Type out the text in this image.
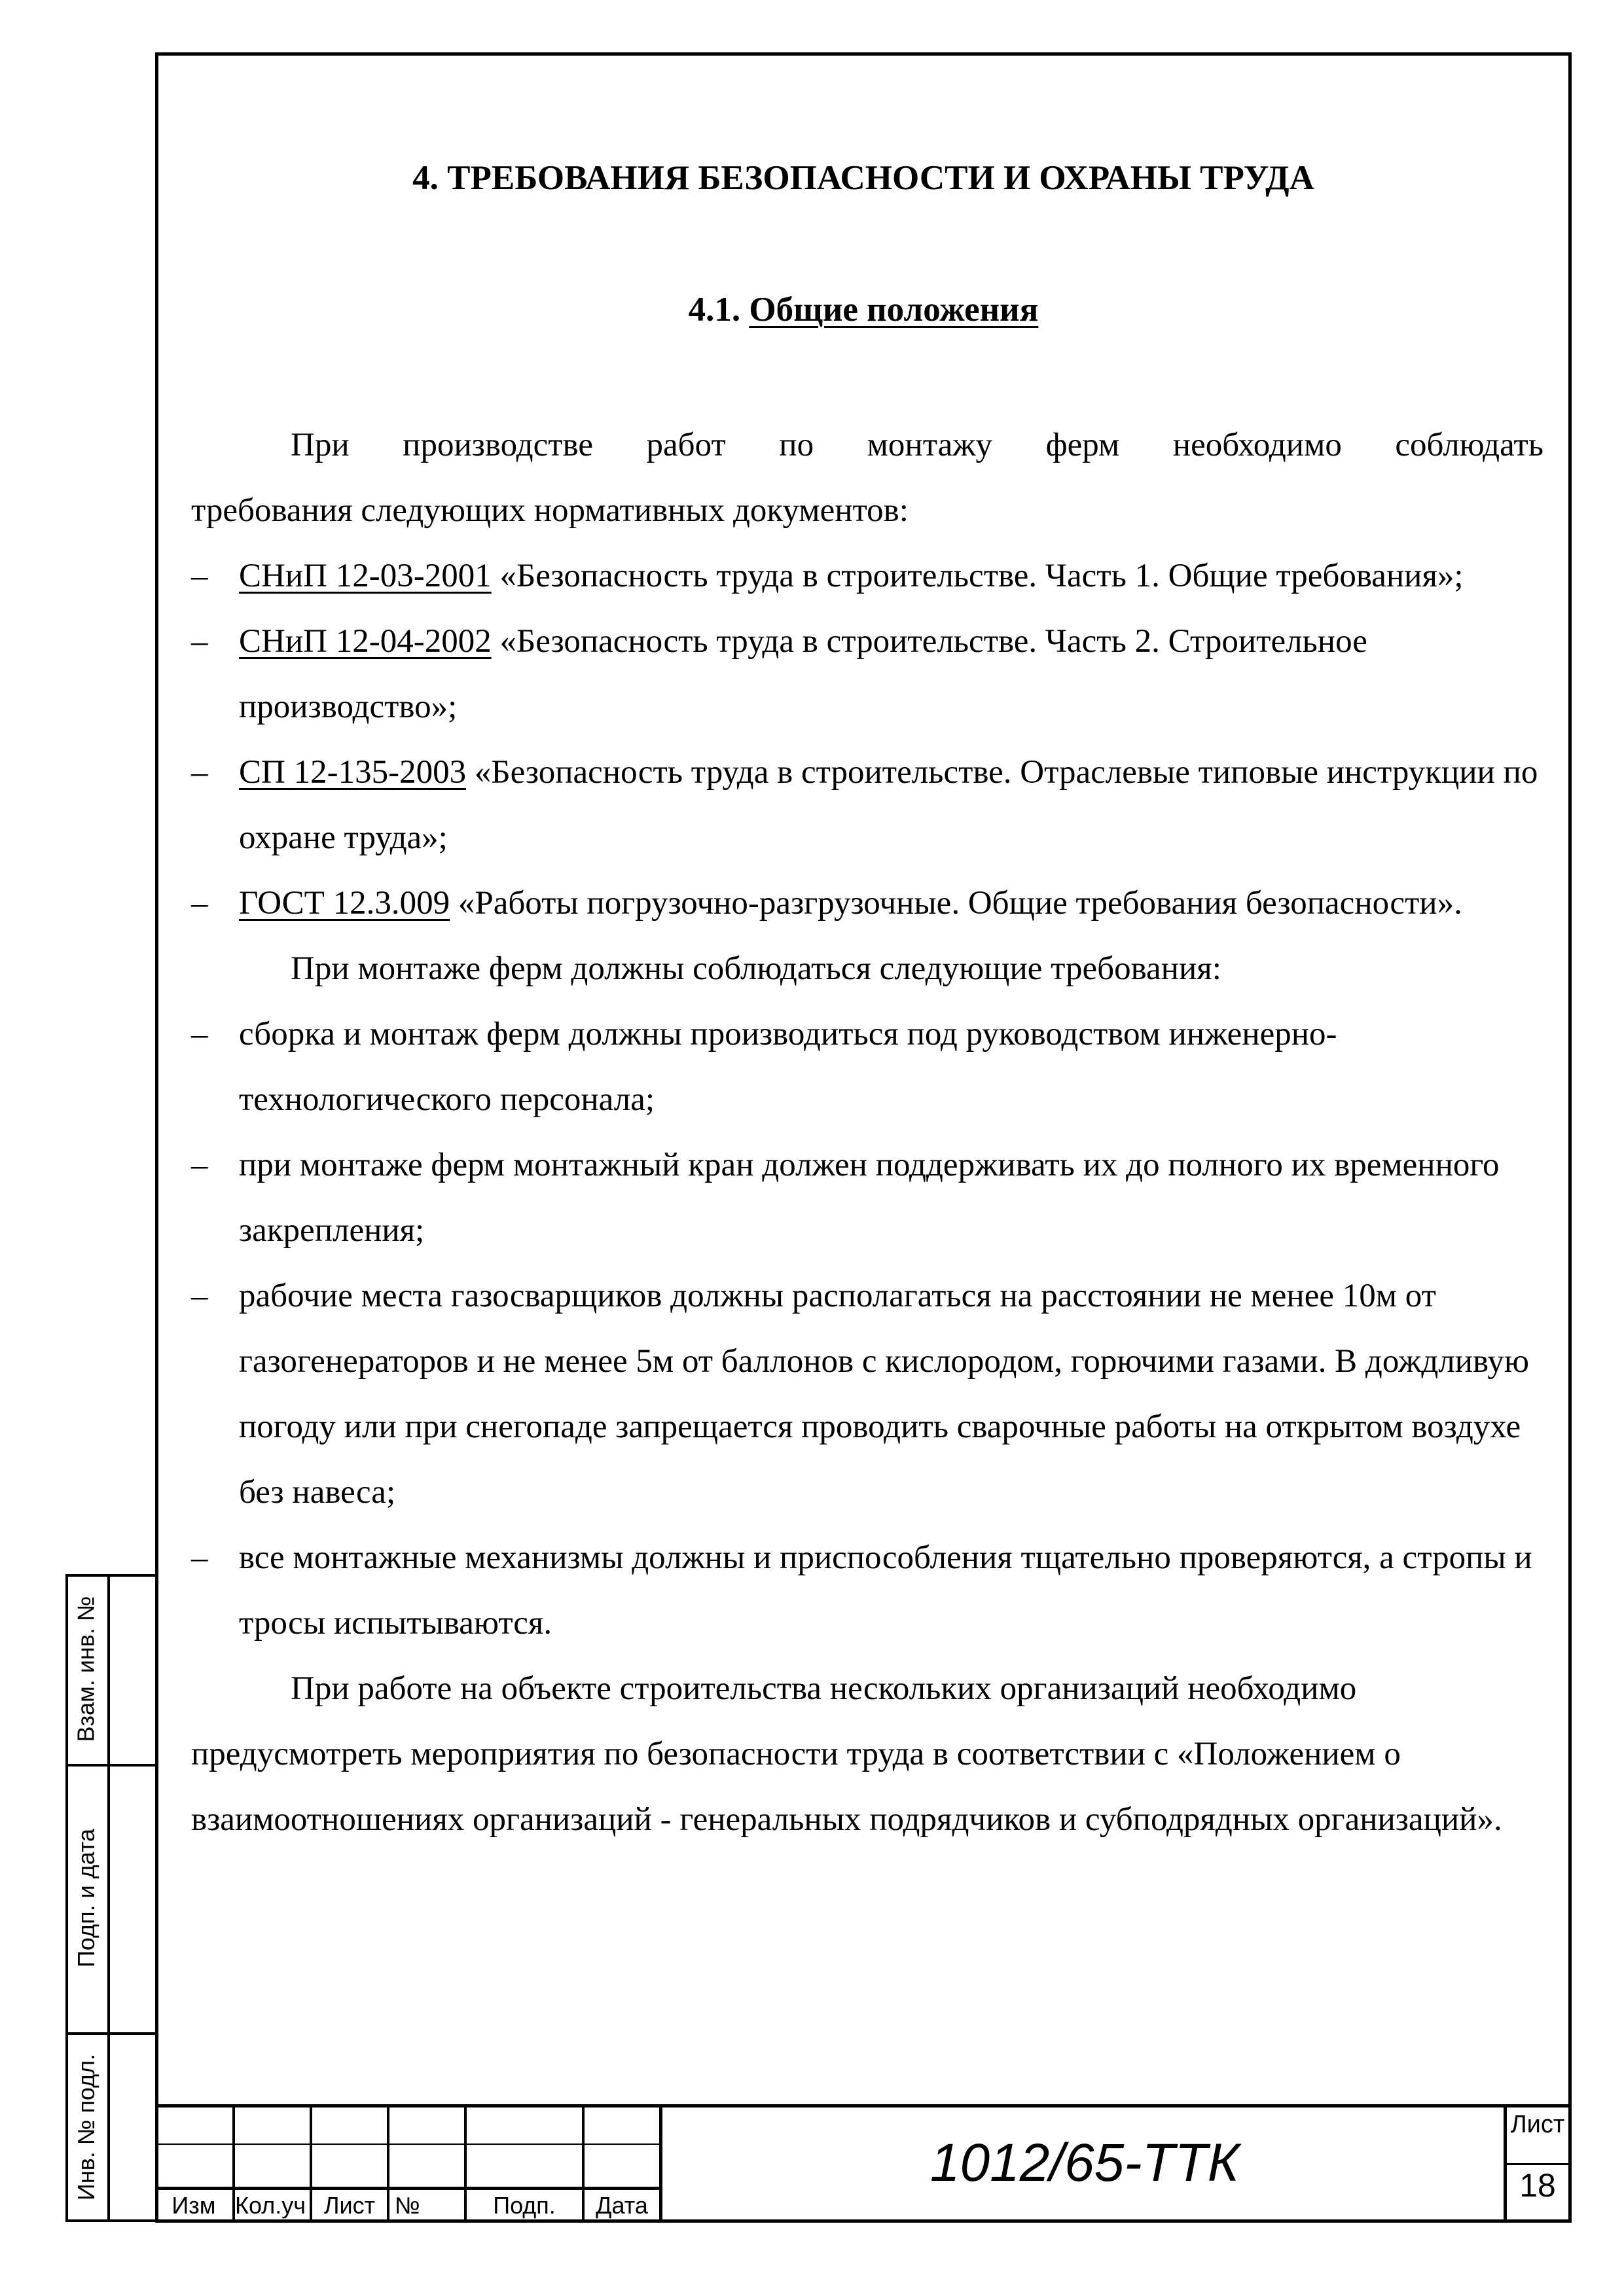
4. ТРЕБОВАНИЯ БЕЗОПАСНОСТИ И ОХРАНЫ ТРУДА
4.1. Общие положения

При производстве работ по монтажу ферм необходимо соблюдать

требования следующих нормативных документов:

– СНиП 12-03-2001 «Безопасность труда в строительстве. Часть 1. Общие требования»;
– СНиП 12-04-2002 «Безопасность труда в строительстве. Часть 2. Строительное производство»;
– СП 12-135-2003 «Безопасность труда в строительстве. Отраслевые типовые инструкции по охране труда»;
– ГОСТ 12.3.009 «Работы погрузочно-разгрузочные. Общие требования безопасности».

При монтаже ферм должны соблюдаться следующие требования:

– сборка и монтаж ферм должны производиться под руководством инженерно-технологического персонала;
– при монтаже ферм монтажный кран должен поддерживать их до полного их временного закрепления;
– рабочие места газосварщиков должны располагаться на расстоянии не менее 10м от газогенераторов и не менее 5м от баллонов с кислородом, горючими газами. В дождливую погоду или при снегопаде запрещается проводить сварочные работы на открытом воздухе без навеса;
– все монтажные механизмы должны и приспособления тщательно проверяются, а стропы и тросы испытываются.

При работе на объекте строительства нескольких организаций необходимо предусмотреть мероприятия по безопасности труда в соответствии с «Положением о взаимоотношениях организаций - генеральных подрядчиков и субподрядных организаций».

Взам. инв. №
Подп. и дата
Инв. № подл.
Изм Кол.уч Лист №	Подп.	Дата
1012/65-ТТК
Лист
18
